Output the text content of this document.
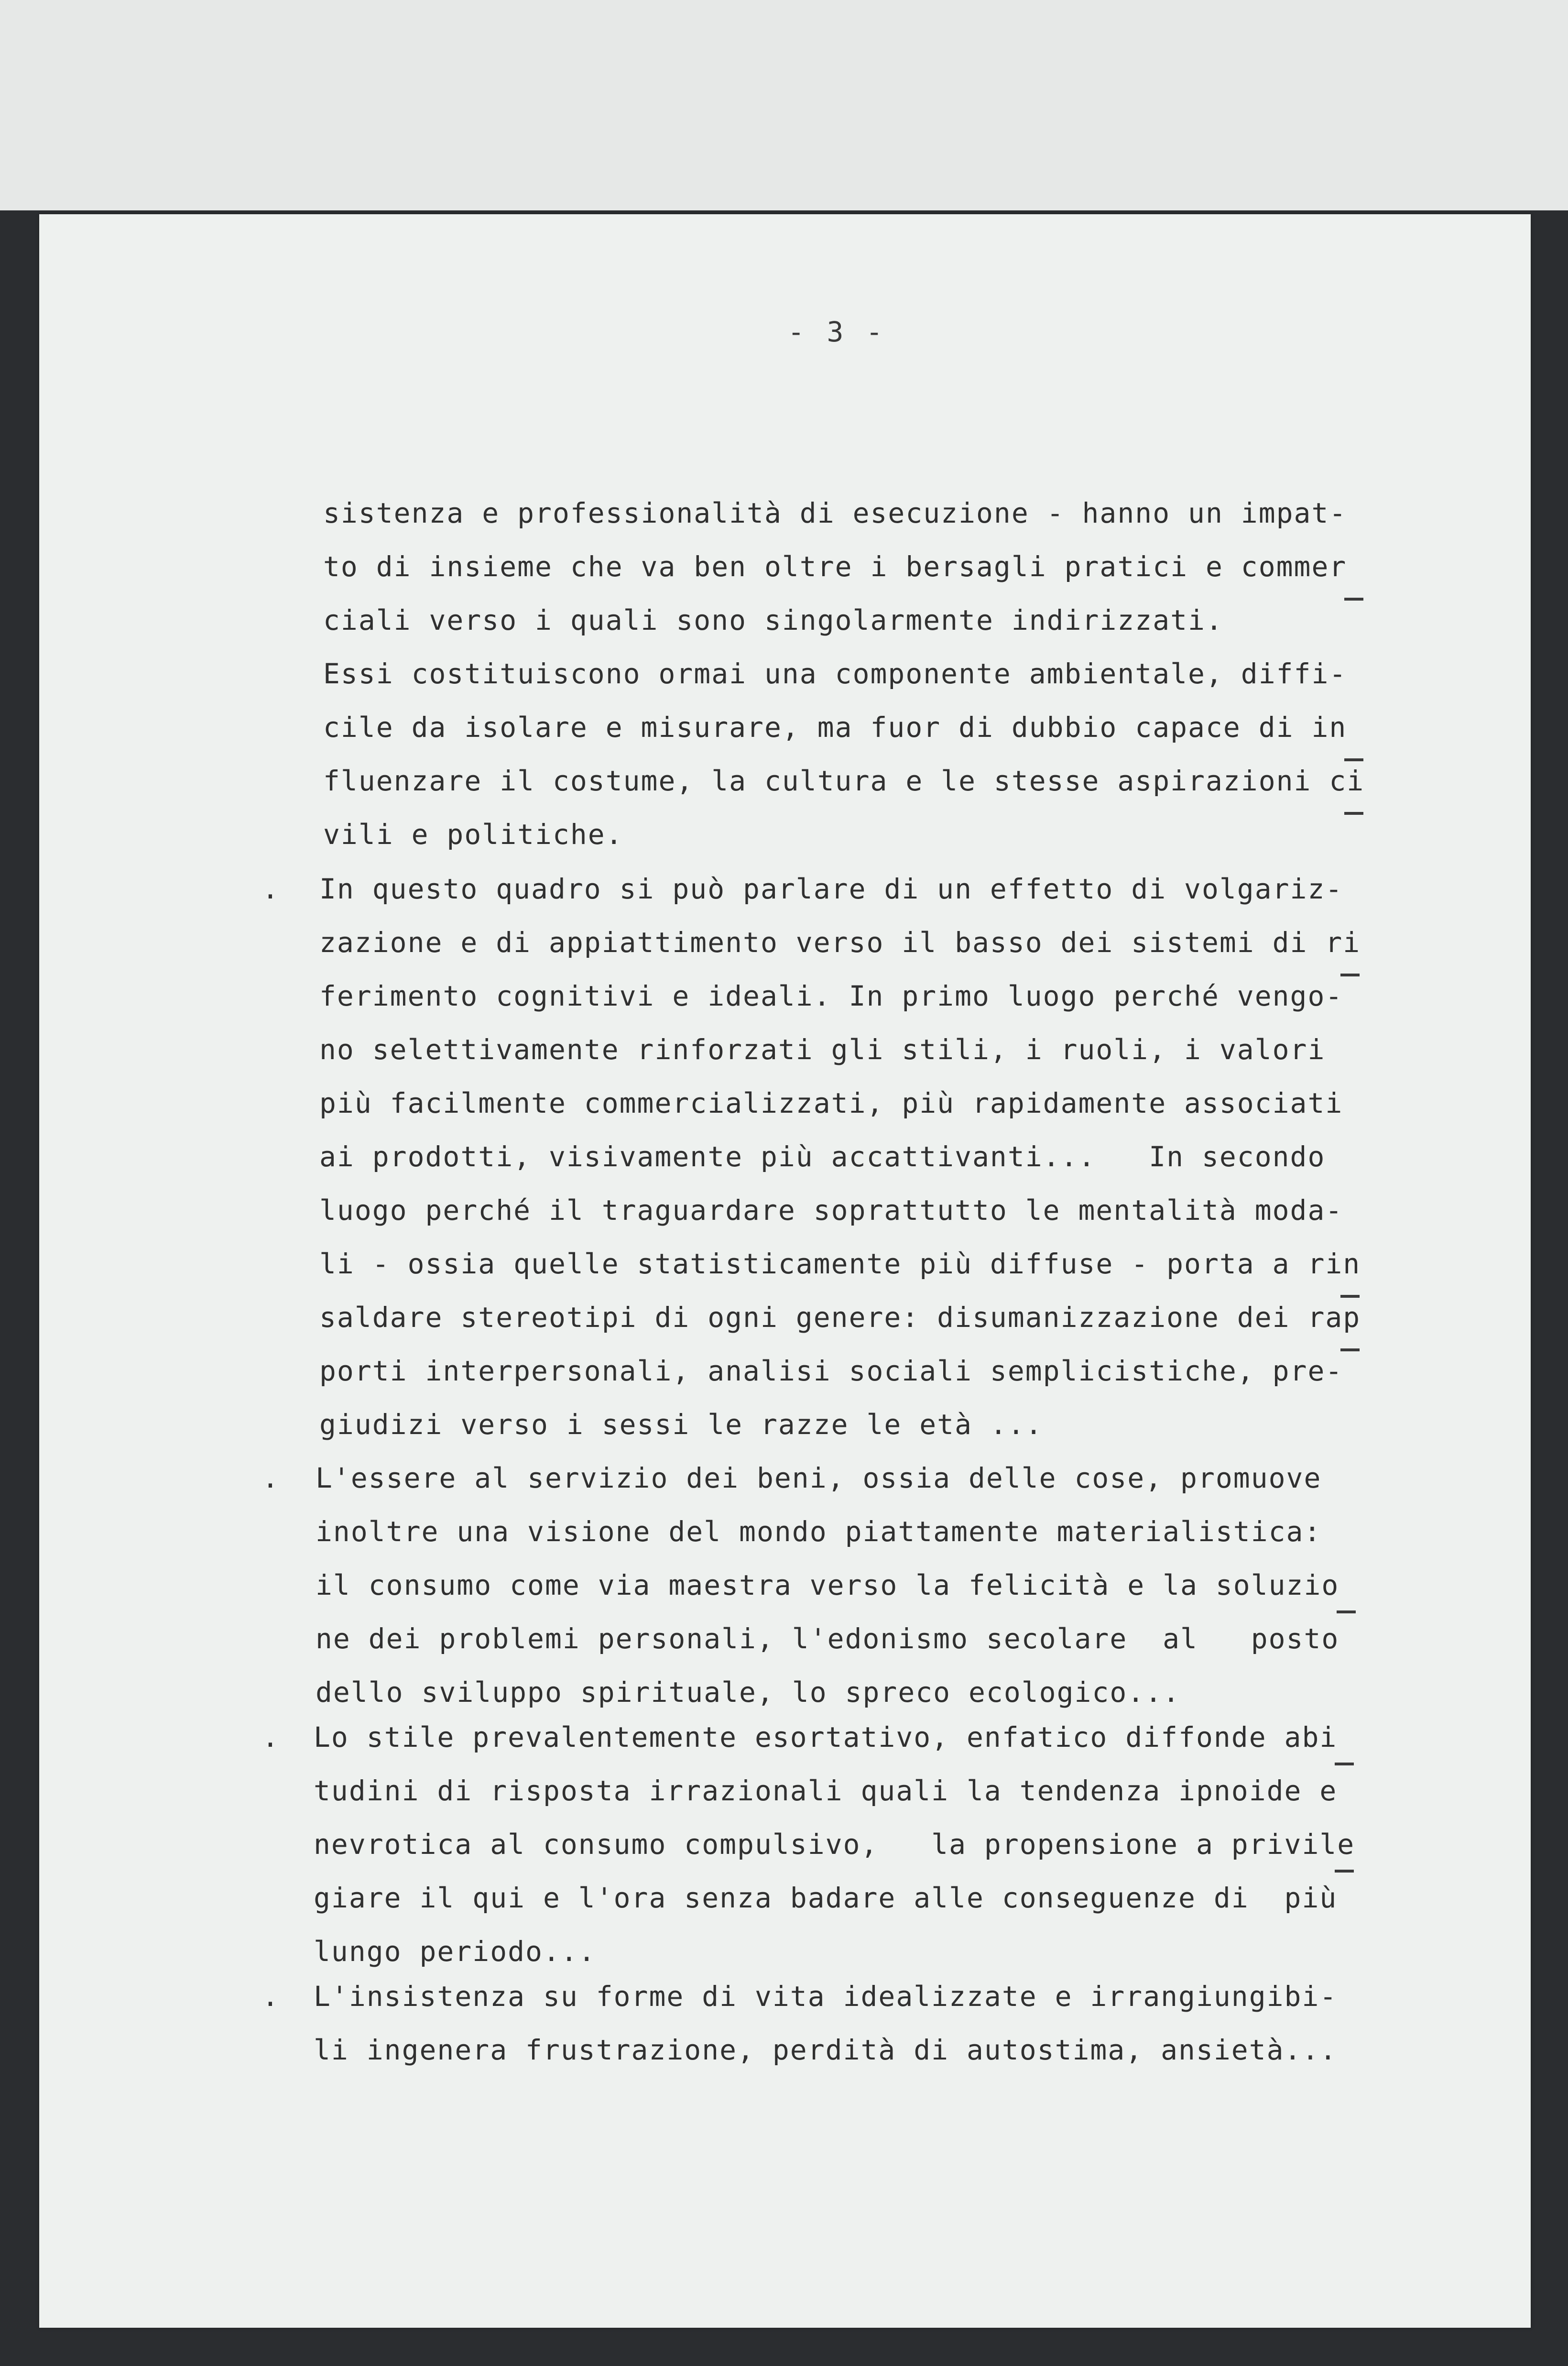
- 3 -
sistenza e professionalità di esecuzione - hanno un impat-
to di insieme che va ben oltre i bersagli pratici e commer
ciali verso i quali sono singolarmente indirizzati.
Essi costituiscono ormai una componente ambientale, diffi-
cile da isolare e misurare, ma fuor di dubbio capace di in
fluenzare il costume, la cultura e le stesse aspirazioni ci
vili e politiche.
. In questo quadro si può parlare di un effetto di volgariz-
zazione e di appiattimento verso il basso dei sistemi di ri
ferimento cognitivi e ideali. In primo luogo perché vengo-
no selettivamente rinforzati gli stili, i ruoli, i valori
più facilmente commercializzati, più rapidamente associati
ai prodotti, visivamente più accattivanti...   In secondo
luogo perché il traguardare soprattutto le mentalità moda-
li - ossia quelle statisticamente più diffuse - porta a rin
saldare stereotipi di ogni genere: disumanizzazione dei rap
porti interpersonali, analisi sociali semplicistiche, pre-
giudizi verso i sessi le razze le età ...
. L'essere al servizio dei beni, ossia delle cose, promuove
inoltre una visione del mondo piattamente materialistica:
il consumo come via maestra verso la felicità e la soluzio
ne dei problemi personali, l'edonismo secolare  al   posto
dello sviluppo spirituale, lo spreco ecologico...
. Lo stile prevalentemente esortativo, enfatico diffonde abi
tudini di risposta irrazionali quali la tendenza ipnoide e
nevrotica al consumo compulsivo,   la propensione a privile
giare il qui e l'ora senza badare alle conseguenze di  più
lungo periodo...
. L'insistenza su forme di vita idealizzate e irrangiungibi-
li ingenera frustrazione, perdità di autostima, ansietà...
